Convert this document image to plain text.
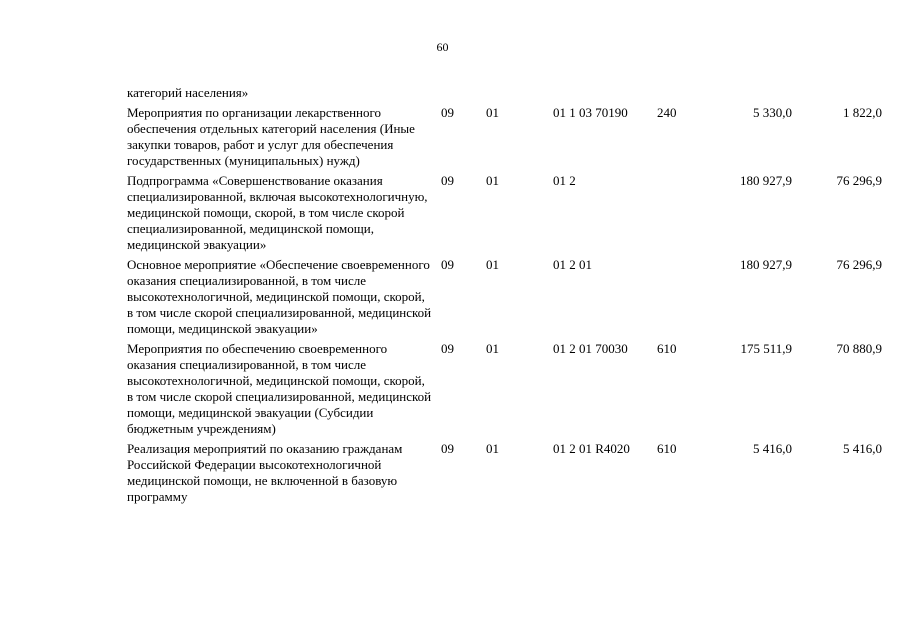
60
категорий населения»
Мероприятия по организации лекарственного обеспечения отдельных категорий населения (Иные закупки товаров, работ и услуг для обеспечения государственных (муниципальных) нужд)
09 01	01 1 03 70190 240	5 330,0	1 822,0
Подпрограмма «Совершенствование оказания специализированной, включая высокотехнологичную, медицинской помощи, скорой, в том числе скорой специализированной, медицинской помощи, медицинской эвакуации»
09 01	01 2	180 927,9	76 296,9
Основное мероприятие «Обеспечение своевременного оказания специализированной, в том числе высокотехнологичной, медицинской помощи, скорой, в том числе скорой специализированной, медицинской помощи, медицинской эвакуации»
09 01	01 2 01	180 927,9	76 296,9
Мероприятия по обеспечению своевременного оказания специализированной, в том числе высокотехнологичной, медицинской помощи, скорой, в том числе скорой специализированной, медицинской помощи, медицинской эвакуации (Субсидии бюджетным учреждениям)
09 01	01 2 01 70030 610	175 511,9	70 880,9
Реализация мероприятий по оказанию гражданам Российской Федерации высокотехнологичной медицинской помощи, не включенной в базовую программу
09 01	01 2 01 R4020 610	5 416,0	5 416,0
